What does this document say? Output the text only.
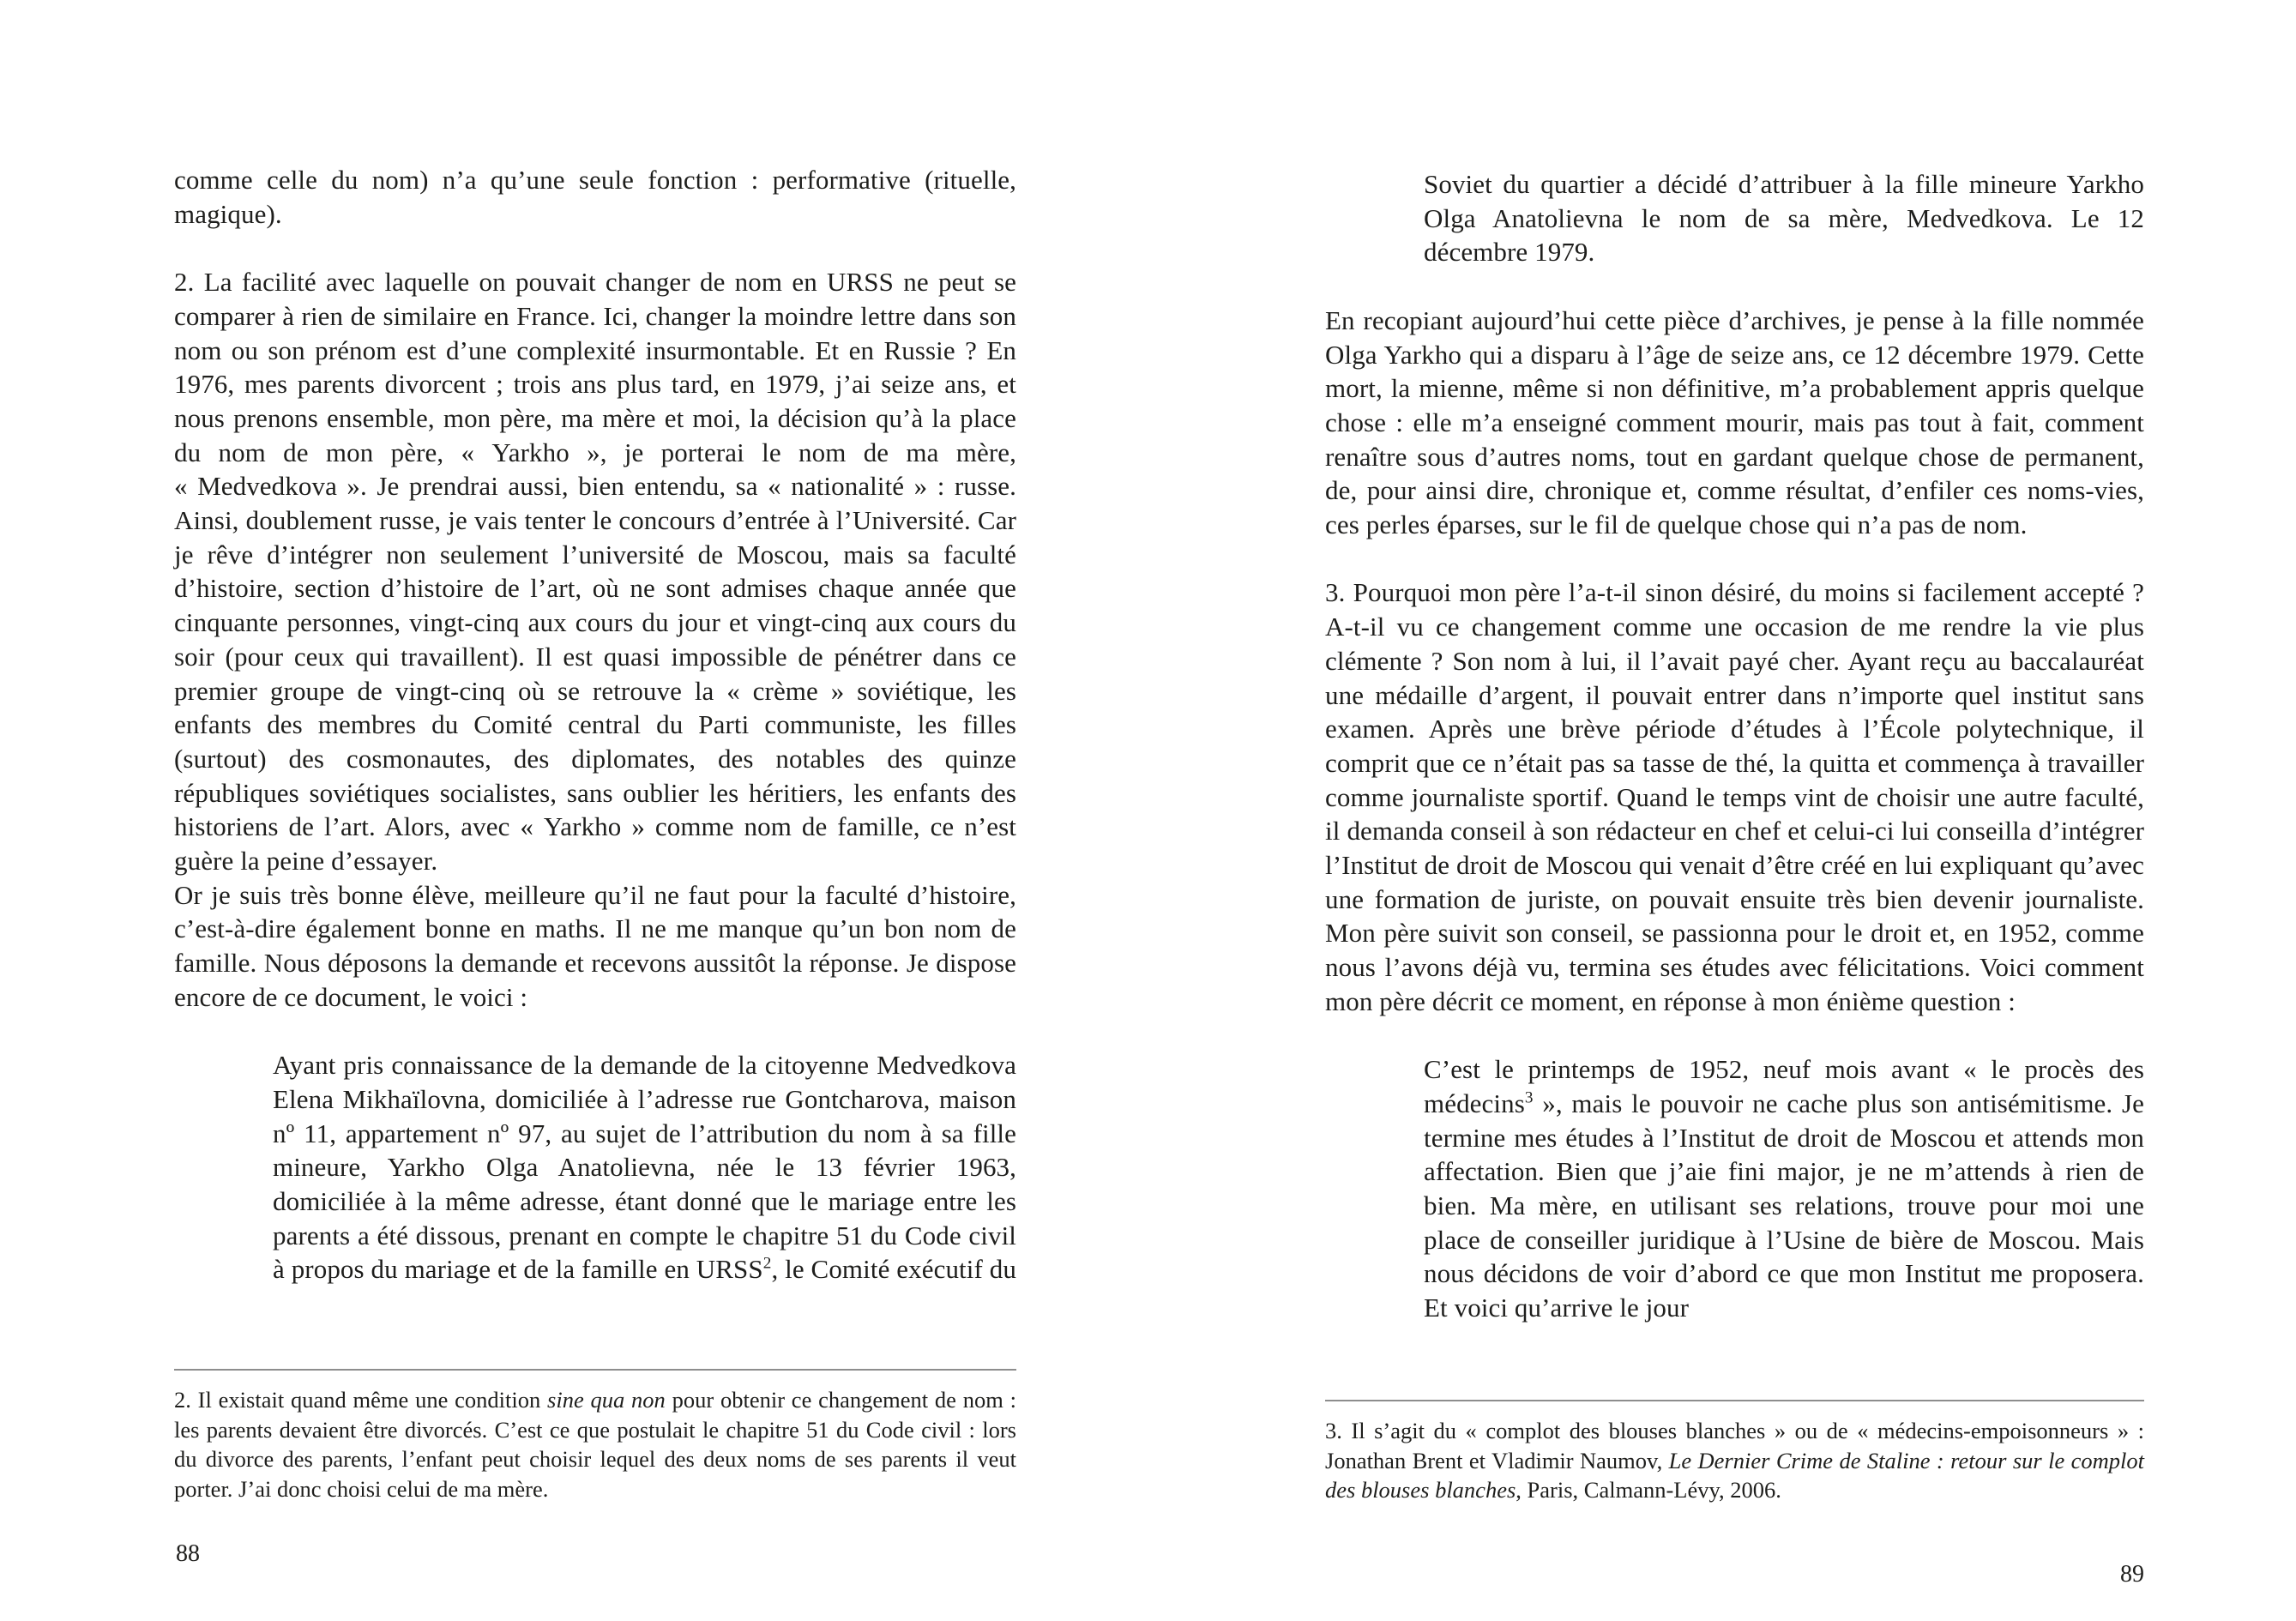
comme celle du nom) n’a qu’une seule fonction : performative (rituelle, magique).

2. La facilité avec laquelle on pouvait changer de nom en URSS ne peut se comparer à rien de similaire en France. Ici, changer la moindre lettre dans son nom ou son prénom est d’une complexité insurmontable. Et en Russie ? En 1976, mes parents divorcent ; trois ans plus tard, en 1979, j’ai seize ans, et nous prenons ensemble, mon père, ma mère et moi, la décision qu’à la place du nom de mon père, « Yarkho », je porterai le nom de ma mère, « Medvedkova ». Je prendrai aussi, bien entendu, sa « nationalité » : russe. Ainsi, doublement russe, je vais tenter le concours d’entrée à l’Université. Car je rêve d’intégrer non seulement l’université de Moscou, mais sa faculté d’histoire, section d’histoire de l’art, où ne sont admises chaque année que cinquante personnes, vingt-cinq aux cours du jour et vingt-cinq aux cours du soir (pour ceux qui travaillent). Il est quasi impossible de pénétrer dans ce premier groupe de vingt-cinq où se retrouve la « crème » soviétique, les enfants des membres du Comité central du Parti communiste, les filles (surtout) des cosmonautes, des diplomates, des notables des quinze républiques soviétiques socialistes, sans oublier les héritiers, les enfants des historiens de l’art. Alors, avec « Yarkho » comme nom de famille, ce n’est guère la peine d’essayer.

Or je suis très bonne élève, meilleure qu’il ne faut pour la faculté d’histoire, c’est-à-dire également bonne en maths. Il ne me manque qu’un bon nom de famille. Nous déposons la demande et recevons aussitôt la réponse. Je dispose encore de ce document, le voici :

Ayant pris connaissance de la demande de la citoyenne Medvedkova Elena Mikhaïlovna, domiciliée à l’adresse rue Gontcharova, maison nº 11, appartement nº 97, au sujet de l’attribution du nom à sa fille mineure, Yarkho Olga Anatolievna, née le 13 février 1963, domiciliée à la même adresse, étant donné que le mariage entre les parents a été dissous, prenant en compte le chapitre 51 du Code civil à propos du mariage et de la famille en URSS$^2$, le Comité exécutif du
2. Il existait quand même une condition sine qua non pour obtenir ce changement de nom : les parents devaient être divorcés. C’est ce que postulait le chapitre 51 du Code civil : lors du divorce des parents, l’enfant peut choisir lequel des deux noms de ses parents il veut porter. J’ai donc choisi celui de ma mère.
88
Soviet du quartier a décidé d’attribuer à la fille mineure Yarkho Olga Anatolievna le nom de sa mère, Medvedkova. Le 12 décembre 1979.

En recopiant aujourd’hui cette pièce d’archives, je pense à la fille nommée Olga Yarkho qui a disparu à l’âge de seize ans, ce 12 décembre 1979. Cette mort, la mienne, même si non définitive, m’a probablement appris quelque chose : elle m’a enseigné comment mourir, mais pas tout à fait, comment renaître sous d’autres noms, tout en gardant quelque chose de permanent, de, pour ainsi dire, chronique et, comme résultat, d’enfiler ces noms-vies, ces perles éparses, sur le fil de quelque chose qui n’a pas de nom.

3. Pourquoi mon père l’a-t-il sinon désiré, du moins si facilement accepté ? A-t-il vu ce changement comme une occasion de me rendre la vie plus clémente ? Son nom à lui, il l’avait payé cher. Ayant reçu au baccalauréat une médaille d’argent, il pouvait entrer dans n’importe quel institut sans examen. Après une brève période d’études à l’École polytechnique, il comprit que ce n’était pas sa tasse de thé, la quitta et commença à travailler comme journaliste sportif. Quand le temps vint de choisir une autre faculté, il demanda conseil à son rédacteur en chef et celui-ci lui conseilla d’intégrer l’Institut de droit de Moscou qui venait d’être créé en lui expliquant qu’avec une formation de juriste, on pouvait ensuite très bien devenir journaliste. Mon père suivit son conseil, se passionna pour le droit et, en 1952, comme nous l’avons déjà vu, termina ses études avec félicitations. Voici comment mon père décrit ce moment, en réponse à mon énième question :

C’est le printemps de 1952, neuf mois avant « le procès des médecins$^3$ », mais le pouvoir ne cache plus son antisémitisme. Je termine mes études à l’Institut de droit de Moscou et attends mon affectation. Bien que j’aie fini major, je ne m’attends à rien de bien. Ma mère, en utilisant ses relations, trouve pour moi une place de conseiller juridique à l’Usine de bière de Moscou. Mais nous décidons de voir d’abord ce que mon Institut me proposera. Et voici qu’arrive le jour
3. Il s’agit du « complot des blouses blanches » ou de « médecins-empoisonneurs » : Jonathan Brent et Vladimir Naumov, Le Dernier Crime de Staline : retour sur le complot des blouses blanches, Paris, Calmann-Lévy, 2006.
89
